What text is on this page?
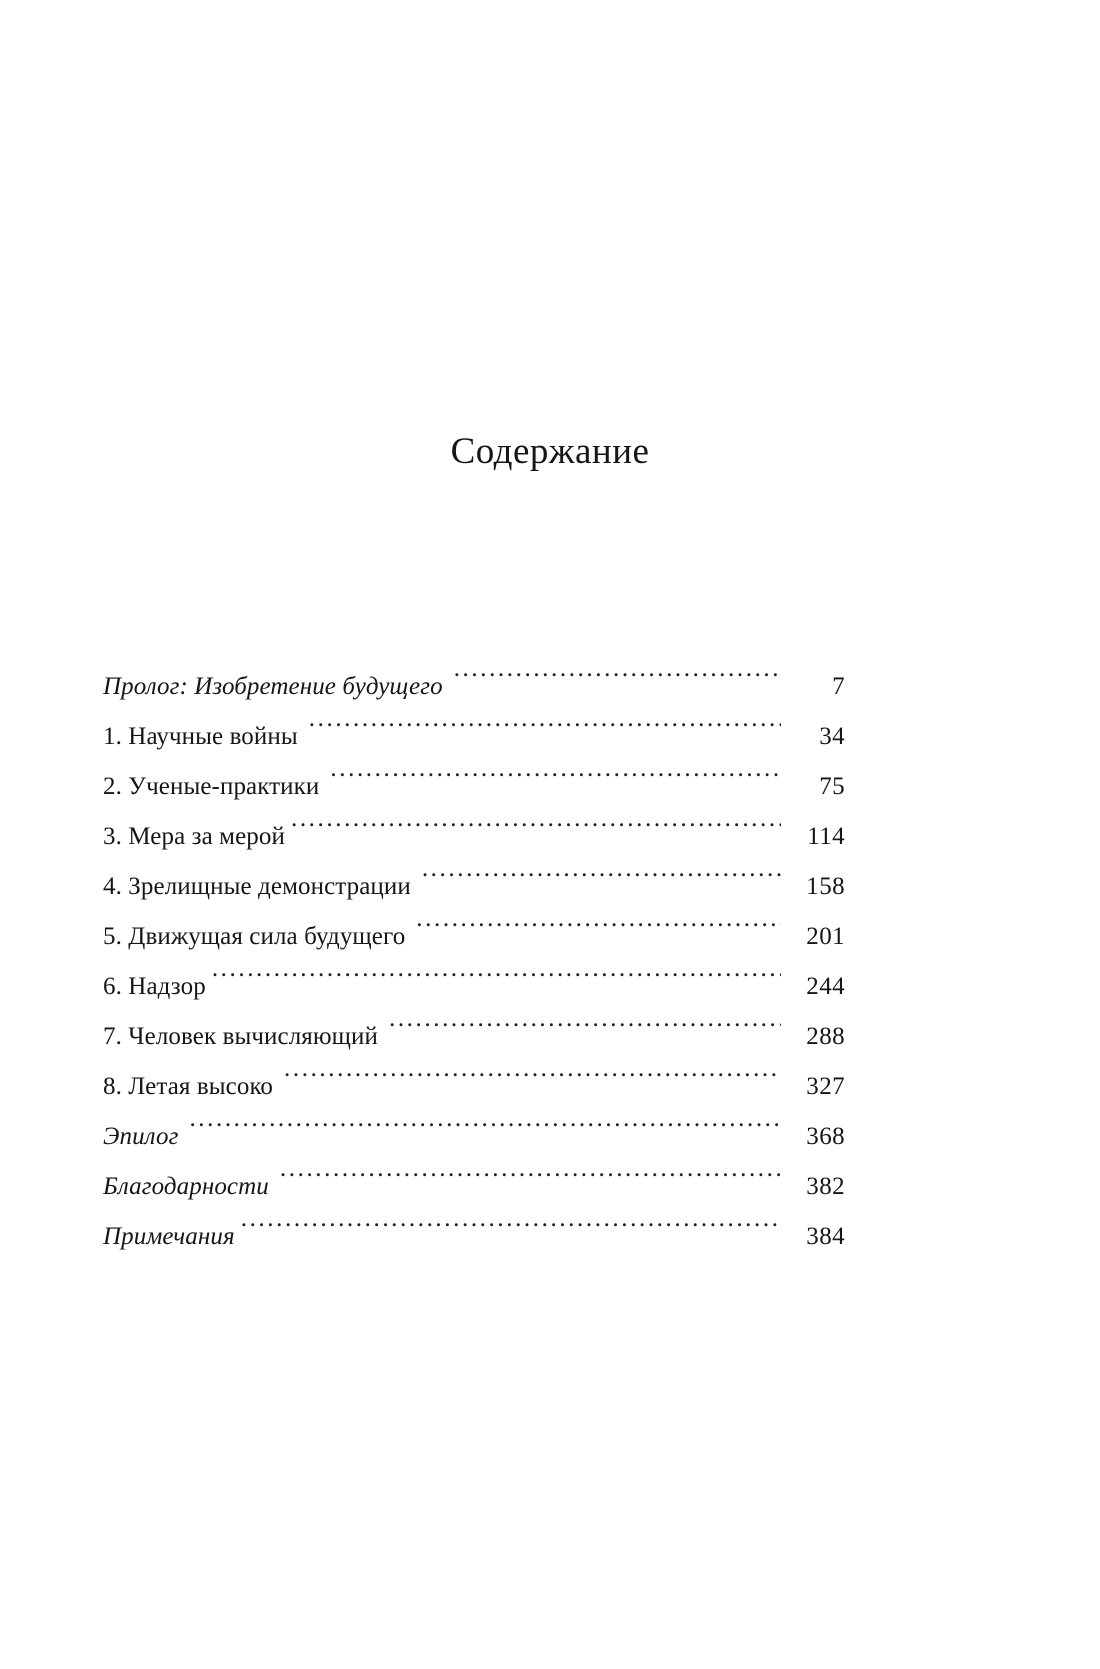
Содержание
Пролог: Изобретение будущего .....	7
1. Научные войны .....	34
2. Ученые-практики .....	75
3. Мера за мерой .....	114
4. Зрелищные демонстрации .....	158
5. Движущая сила будущего .....	201
6. Надзор .....	244
7. Человек вычисляющий .....	288
8. Летая высоко .....	327
Эпилог .....	368
Благодарности .....	382
Примечания .....	384
